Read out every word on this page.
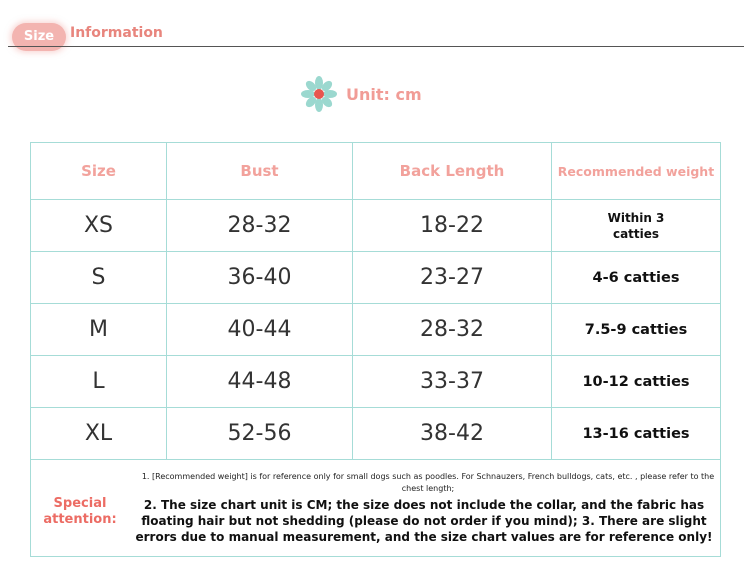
Size	Information
Unit: cm
Size	Bust	Back Length	Recommended weight
XS	28-32	18-22	Within 3
catties
S	36-40	23-27	4-6 catties
M	40-44	28-32	7.5-9 catties
L	44-48	33-37	10-12 catties
XL	52-56	38-42	13-16 catties

Special attention:
1. [Recommended weight] is for reference only for small dogs such as poodles. For Schnauzers, French bulldogs, cats, etc. , please refer to the chest length;
2. The size chart unit is CM; the size does not include the collar, and the fabric has floating hair but not shedding (please do not order if you mind); 3. There are slight errors due to manual measurement, and the size chart values are for reference only!			
